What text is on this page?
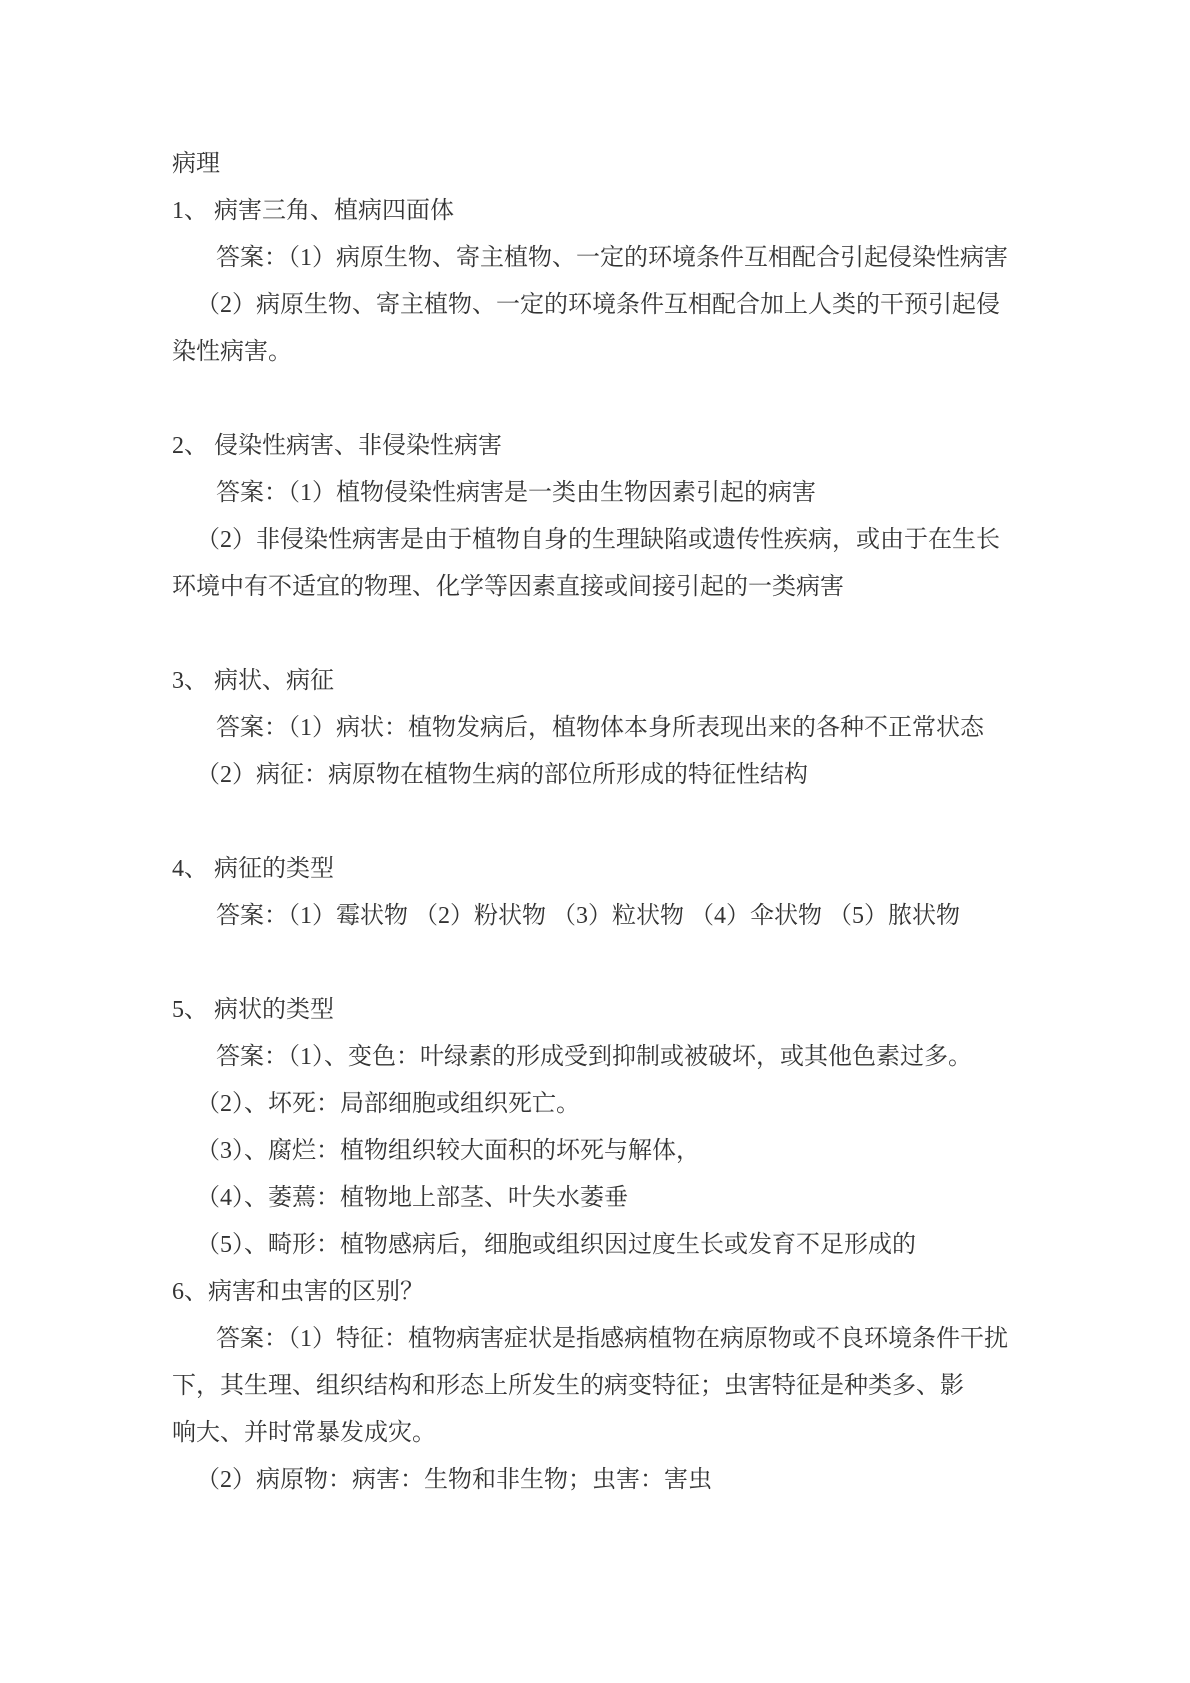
病理

1、 病害三角、植病四面体

答案：（1）病原生物、寄主植物、一定的环境条件互相配合引起侵染性病害

（2）病原生物、寄主植物、一定的环境条件互相配合加上人类的干预引起侵

染性病害。

2、 侵染性病害、非侵染性病害

答案：（1）植物侵染性病害是一类由生物因素引起的病害

（2）非侵染性病害是由于植物自身的生理缺陷或遗传性疾病，或由于在生长

环境中有不适宜的物理、化学等因素直接或间接引起的一类病害

3、 病状、病征

答案：（1）病状：植物发病后，植物体本身所表现出来的各种不正常状态

（2）病征：病原物在植物生病的部位所形成的特征性结构

4、 病征的类型

答案：（1）霉状物 （2）粉状物 （3）粒状物 （4）伞状物 （5）脓状物

5、 病状的类型

答案：（1）、变色：叶绿素的形成受到抑制或被破坏，或其他色素过多。

（2）、坏死：局部细胞或组织死亡。

（3）、腐烂：植物组织较大面积的坏死与解体，

（4）、萎蔫：植物地上部茎、叶失水萎垂

（5）、畸形：植物感病后，细胞或组织因过度生长或发育不足形成的

6、病害和虫害的区别？

答案：（1）特征：植物病害症状是指感病植物在病原物或不良环境条件干扰

下，其生理、组织结构和形态上所发生的病变特征；虫害特征是种类多、影

响大、并时常暴发成灾。

（2）病原物：病害：生物和非生物；虫害：害虫
